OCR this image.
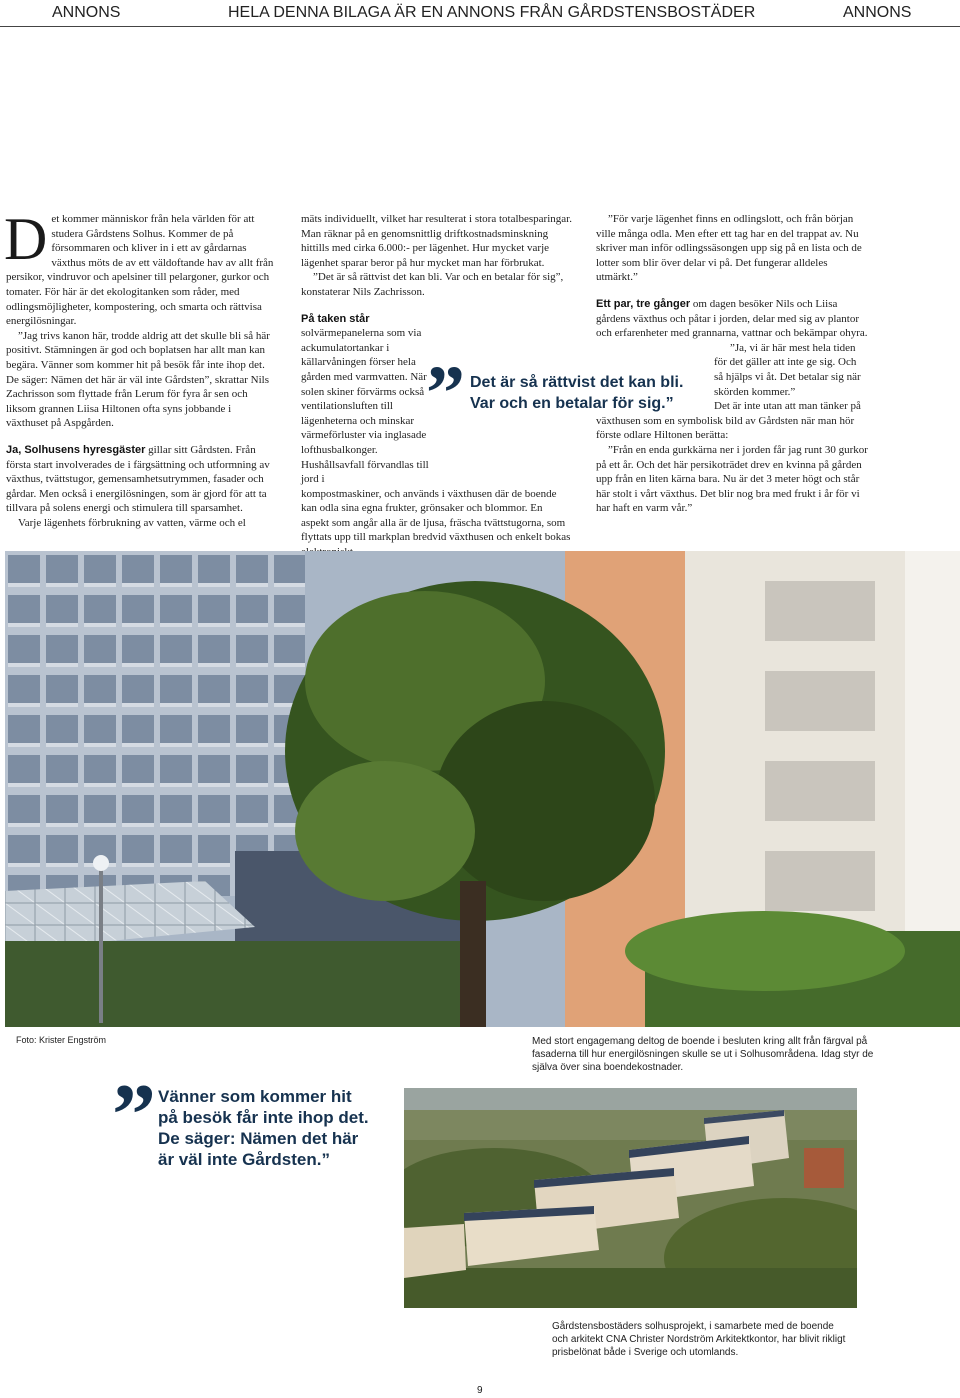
ANNONS	HELA DENNA BILAGA ÄR EN ANNONS FRÅN GÅRDSTENSBOSTÄDER	ANNONS

Det kommer människor från hela världen för att studera Gårdstens Solhus. Kommer de på försommaren och kliver in i ett av gårdarnas växthus möts de av ett väldoftande hav av allt från persikor, vindruvor och apelsiner till pelargoner, gurkor och tomater. För här är det ekologitanken som råder, med odlingsmöjligheter, kompostering, och smarta och rättvisa energilösningar.

”Jag trivs kanon här, trodde aldrig att det skulle bli så här positivt. Stämningen är god och boplatsen har allt man kan begära. Vänner som kommer hit på besök får inte ihop det. De säger: Nämen det här är väl inte Gårdsten”, skrattar Nils Zachrisson som flyttade från Lerum för fyra år sen och liksom grannen Liisa Hiltonen ofta syns jobbande i växthuset på Aspgården.

Ja, Solhusens hyresgäster gillar sitt Gårdsten. Från första start involverades de i färgsättning och utformning av växthus, tvättstugor, gemensamhetsutrymmen, fasader och gårdar. Men också i energilösningen, som är gjord för att ta tillvara på solens energi och stimulera till sparsamhet.

Varje lägenhets förbrukning av vatten, värme och el

mäts individuellt, vilket har resulterat i stora totalbesparingar. Man räknar på en genomsnittlig driftkostnadsminskning hittills med cirka 6.000:- per lägenhet. Hur mycket varje lägenhet sparar beror på hur mycket man har förbrukat.

”Det är så rättvist det kan bli. Var och en betalar för sig”, konstaterar Nils Zachrisson.

På taken står solvärmepanelerna som via ackumulatortankar i källarvåningen förser hela gården med varmvatten. När solen skiner förvärms också ventilationsluften till lägenheterna och minskar värmeförluster via inglasade lofthusbalkonger. Hushållsavfall förvandlas till jord i

kompostmaskiner, och används i växthusen där de boende kan odla sina egna frukter, grönsaker och blommor. En aspekt som angår alla är de ljusa, fräscha tvättstugorna, som flyttats upp till markplan bredvid växthusen och enkelt bokas

” Det är så rättvist det kan bli.
Var och en betalar för sig.”

”För varje lägenhet finns en odlingslott, och från början ville många odla. Men efter ett tag har en del trappat av. Nu skriver man inför odlingssäsongen upp sig på en lista och de lotter som blir över delar vi på. Det fungerar alldeles utmärkt.”

Ett par, tre gånger om dagen besöker Nils och Liisa gårdens växthus och påtar i jorden, delar med sig av plantor och erfarenheter med grannarna, vattnar och bekämpar ohyra.

”Ja, vi är här mest hela tiden för det gäller att inte ge sig. Och så hjälps vi åt. Det betalar sig när skörden kommer.”

Det är inte utan att man tänker på växthusen som en symbolisk bild av Gårdsten när man hör förste odlare Hiltonen berätta:

”Från en enda gurkkärna ner i jorden får jag runt 30 gurkor på ett år. Och det här persikoträdet drev en kvinna på gården upp från en liten kärna bara. Nu är det 3 meter högt och står här stolt i vårt växthus. Det blir nog bra med frukt i år för vi har haft en varm vår.”

Foto: Krister Engström	Med stort engagemang deltog de boende i besluten kring allt från färgval på fasaderna till hur energilösningen skulle se ut i Solhusområdena. Idag styr de själva över sina boendekostnader.
” Vänner som kommer hit
på besök får inte ihop det.
De säger: Nämen det här
är väl inte Gårdsten.”
Gårdstensbostäders solhusprojekt, i samarbete med de boende och arkitekt CNA Christer Nordström Arkitektkontor, har blivit rikligt prisbelönat både i Sverige och utomlands.
9
